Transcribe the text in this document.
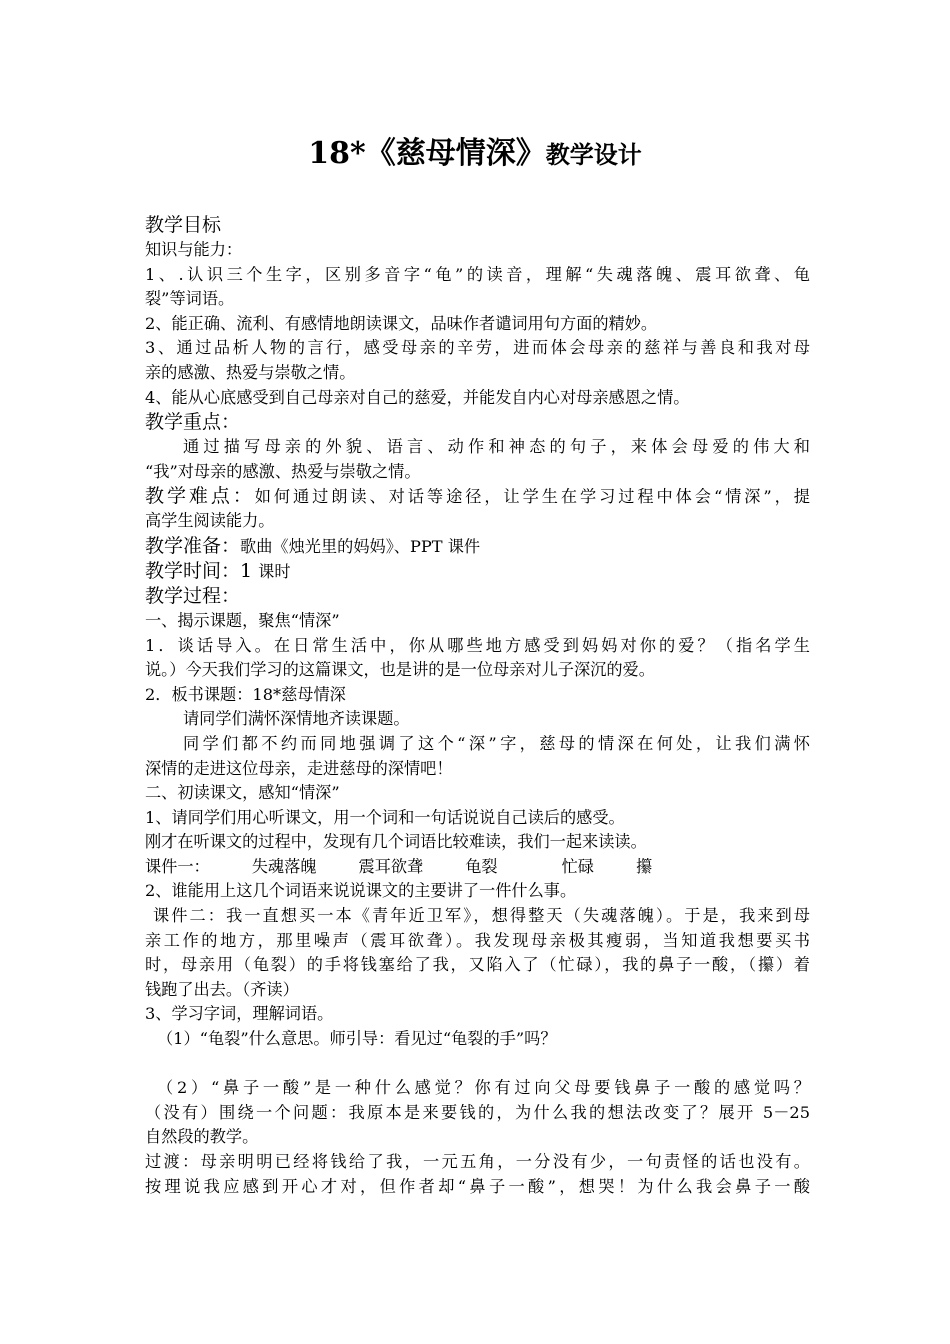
18*《慈母情深》教学设计
教学目标
知识与能力：
1、.认识三个生字，区别多音字“龟”的读音，理解“失魂落魄、震耳欲聋、龟
裂”等词语。
2、能正确、流利、有感情地朗读课文，品味作者谴词用句方面的精妙。
3、通过品析人物的言行，感受母亲的辛劳，进而体会母亲的慈祥与善良和我对母
亲的感激、热爱与崇敬之情。
4、能从心底感受到自己母亲对自己的慈爱，并能发自内心对母亲感恩之情。
教学重点：
通过描写母亲的外貌、语言、动作和神态的句子，来体会母爱的伟大和
“我”对母亲的感激、热爱与崇敬之情。
教学难点：如何通过朗读、对话等途径，让学生在学习过程中体会“情深”，提
高学生阅读能力。
教学准备：歌曲《烛光里的妈妈》、PPT 课件
教学时间：1 课时
教学过程：
一、揭示课题，聚焦“情深”
1．谈话导入。在日常生活中，你从哪些地方感受到妈妈对你的爱？（指名学生
说。）今天我们学习的这篇课文，也是讲的是一位母亲对儿子深沉的爱。
2．板书课题：18*慈母情深
请同学们满怀深情地齐读课题。
同学们都不约而同地强调了这个“深”字，慈母的情深在何处，让我们满怀
深情的走进这位母亲，走进慈母的深情吧！
二、初读课文，感知“情深”
1、请同学们用心听课文，用一个词和一句话说说自己读后的感受。
刚才在听课文的过程中，发现有几个词语比较难读，我们一起来读读。
课件一：	失魂落魄	震耳欲聋	龟裂	忙碌	攥
2、谁能用上这几个词语来说说课文的主要讲了一件什么事。
课件二：我一直想买一本《青年近卫军》，想得整天（失魂落魄）。于是，我来到母
亲工作的地方，那里噪声（震耳欲聋）。我发现母亲极其瘦弱，当知道我想要买书
时，母亲用（龟裂）的手将钱塞给了我，又陷入了（忙碌），我的鼻子一酸，（攥）着
钱跑了出去。（齐读）
3、学习字词，理解词语。
（1）“龟裂”什么意思。师引导：看见过“龟裂的手”吗？
（2）“鼻子一酸”是一种什么感觉？你有过向父母要钱鼻子一酸的感觉吗？
（没有）围绕一个问题：我原本是来要钱的，为什么我的想法改变了？展开 5－25
自然段的教学。
过渡：母亲明明已经将钱给了我，一元五角，一分没有少，一句责怪的话也没有。
按理说我应感到开心才对，但作者却“鼻子一酸”，想哭！为什么我会鼻子一酸
